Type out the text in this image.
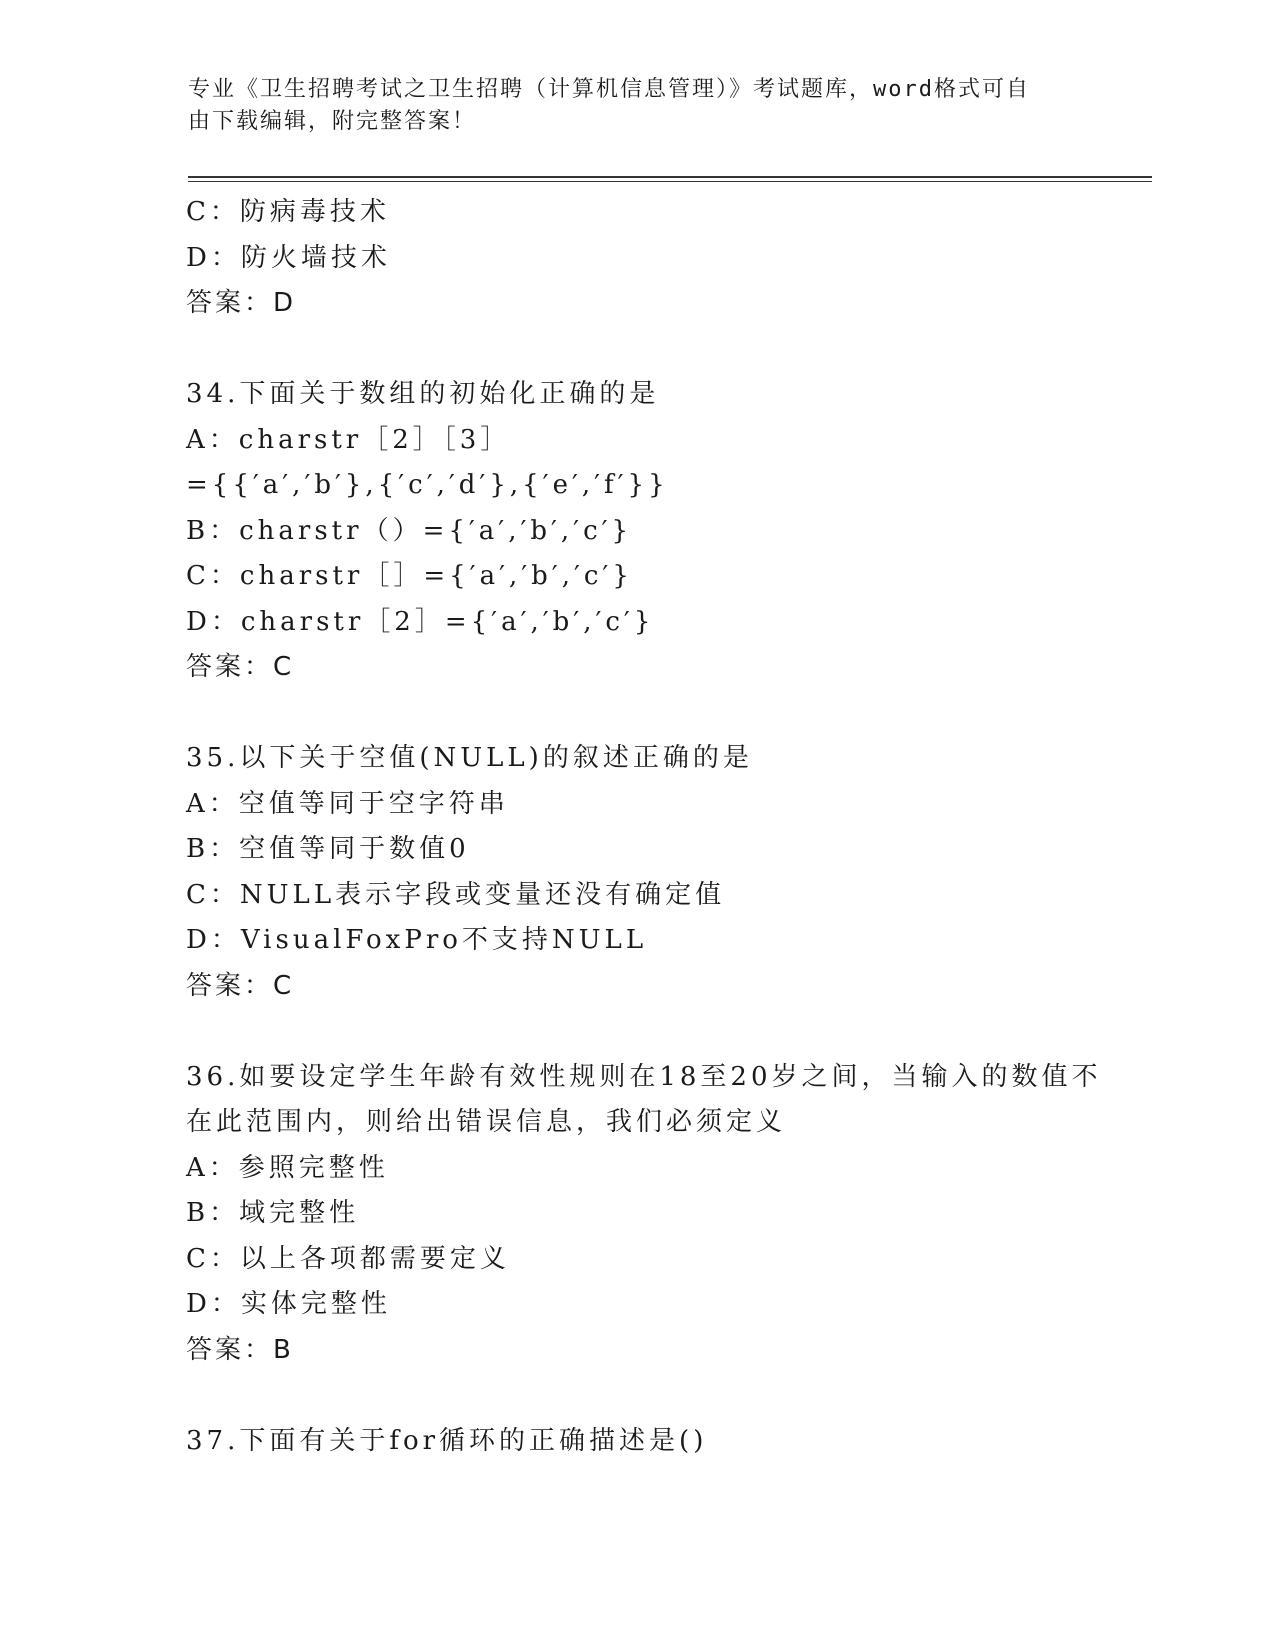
专业《卫生招聘考试之卫生招聘（计算机信息管理）》考试题库，word格式可自
由下载编辑，附完整答案！
C：防病毒技术
D：防火墙技术
答案：D
34.下面关于数组的初始化正确的是
A：charstr［2］［3］
={{′a′,′b′},{′c′,′d′},{′e′,′f′}}
B：charstr（）={′a′,′b′,′c′}
C：charstr［］={′a′,′b′,′c′}
D：charstr［2］={′a′,′b′,′c′}
答案：C
35.以下关于空值(NULL)的叙述正确的是
A：空值等同于空字符串
B：空值等同于数值0
C：NULL表示字段或变量还没有确定值
D：VisualFoxPro不支持NULL
答案：C
36.如要设定学生年龄有效性规则在18至20岁之间，当输入的数值不
在此范围内，则给出错误信息，我们必须定义
A：参照完整性
B：域完整性
C：以上各项都需要定义
D：实体完整性
答案：B
37.下面有关于for循环的正确描述是()
